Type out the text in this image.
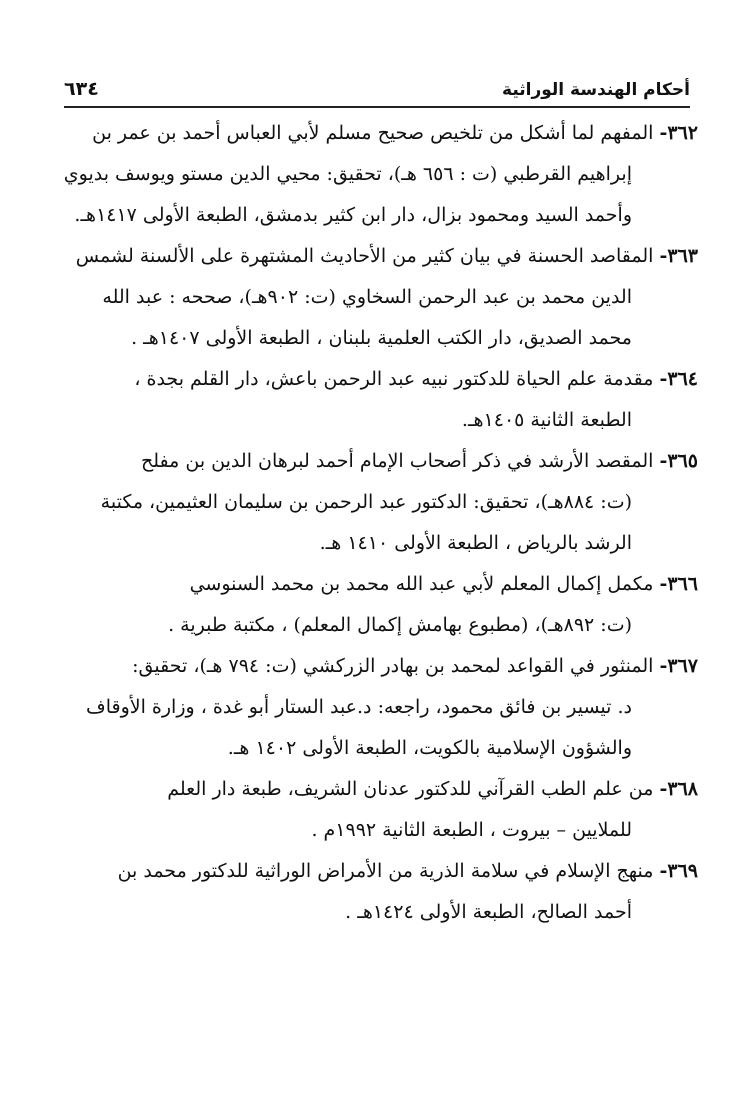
أحكام الهندسة الوراثية
٦٣٤
٣٦٢- المفهم لما أشكل من تلخيص صحيح مسلم لأبي العباس أحمد بن عمر بن
إبراهيم القرطبي (ت : ٦٥٦ هـ)، تحقيق: محيي الدين مستو ويوسف بديوي
وأحمد السيد ومحمود بزال، دار ابن كثير بدمشق، الطبعة الأولى ١٤١٧هـ.
٣٦٣- المقاصد الحسنة في بيان كثير من الأحاديث المشتهرة على الألسنة لشمس
الدين محمد بن عبد الرحمن السخاوي (ت: ٩٠٢هـ)، صححه : عبد الله
محمد الصديق، دار الكتب العلمية بلبنان ، الطبعة الأولى ١٤٠٧هـ .
٣٦٤- مقدمة علم الحياة للدكتور نبيه عبد الرحمن باعش، دار القلم بجدة ،
الطبعة الثانية ١٤٠٥هـ.
٣٦٥- المقصد الأرشد في ذكر أصحاب الإمام أحمد لبرهان الدين بن مفلح
(ت: ٨٨٤هـ)، تحقيق: الدكتور عبد الرحمن بن سليمان العثيمين، مكتبة
الرشد بالرياض ، الطبعة الأولى ١٤١٠ هـ.
٣٦٦- مكمل إكمال المعلم لأبي عبد الله محمد بن محمد السنوسي
(ت: ٨٩٢هـ)، (مطبوع بهامش إكمال المعلم) ، مكتبة طبرية .
٣٦٧- المنثور في القواعد لمحمد بن بهادر الزركشي (ت: ٧٩٤ هـ)، تحقيق:
د. تيسير بن فائق محمود، راجعه: د.عبد الستار أبو غدة ، وزارة الأوقاف
والشؤون الإسلامية بالكويت، الطبعة الأولى ١٤٠٢ هـ.
٣٦٨- من علم الطب القرآني للدكتور عدنان الشريف، طبعة دار العلم
للملايين – بيروت ، الطبعة الثانية ١٩٩٢م .
٣٦٩- منهج الإسلام في سلامة الذرية من الأمراض الوراثية للدكتور محمد بن
أحمد الصالح، الطبعة الأولى ١٤٢٤هـ .
